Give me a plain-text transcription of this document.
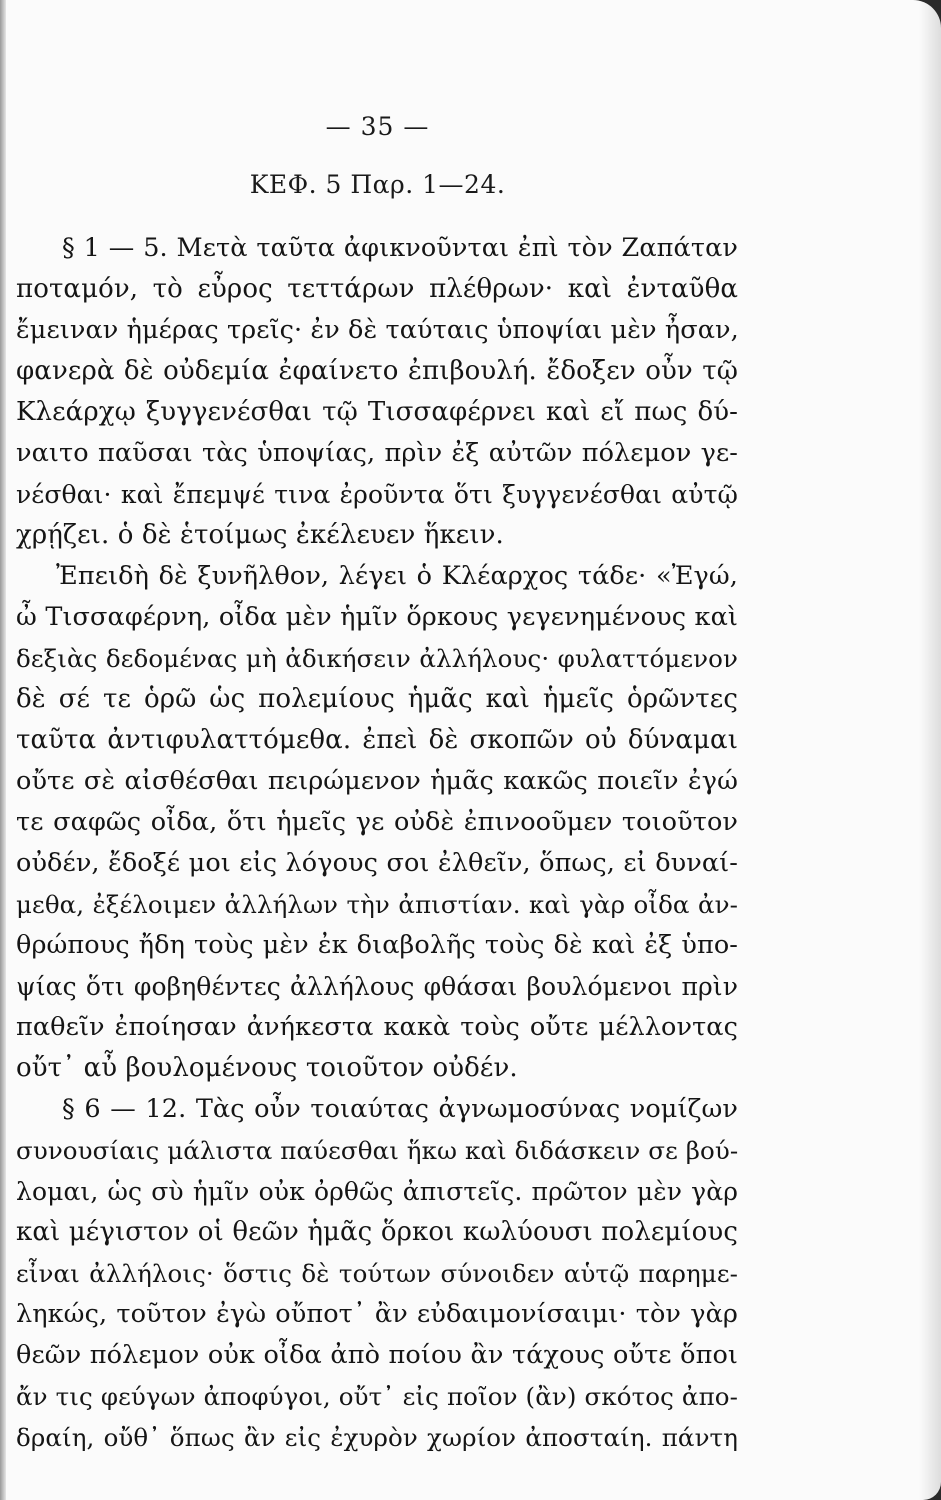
— 35 —
ΚΕΦ. 5 Παρ. 1—24.
§ 1 — 5. Μετὰ ταῦτα ἀφικνοῦνται ἐπὶ τὸν Ζαπάταν
ποταμόν, τὸ εὖρος τεττάρων πλέθρων· καὶ ἐνταῦθα
ἔμειναν ἡμέρας τρεῖς· ἐν δὲ ταύταις ὑποψίαι μὲν ἦσαν,
φανερὰ δὲ οὐδεμία ἐφαίνετο ἐπιβουλή. ἔδοξεν οὖν τῷ
Κλεάρχῳ ξυγγενέσθαι τῷ Τισσαφέρνει καὶ εἴ πως δύ-
ναιτο παῦσαι τὰς ὑποψίας, πρὶν ἐξ αὐτῶν πόλεμον γε-
νέσθαι· καὶ ἔπεμψέ τινα ἐροῦντα ὅτι ξυγγενέσθαι αὐτῷ
χρῄζει. ὁ δὲ ἑτοίμως ἐκέλευεν ἥκειν.
Ἐπειδὴ δὲ ξυνῆλθον, λέγει ὁ Κλέαρχος τάδε· «Ἐγώ,
ὦ Τισσαφέρνη, οἶδα μὲν ἡμῖν ὅρκους γεγενημένους καὶ
δεξιὰς δεδομένας μὴ ἀδικήσειν ἀλλήλους· φυλαττόμενον
δὲ σέ τε ὁρῶ ὡς πολεμίους ἡμᾶς καὶ ἡμεῖς ὁρῶντες
ταῦτα ἀντιφυλαττόμεθα. ἐπεὶ δὲ σκοπῶν οὐ δύναμαι
οὔτε σὲ αἰσθέσθαι πειρώμενον ἡμᾶς κακῶς ποιεῖν ἐγώ
τε σαφῶς οἶδα, ὅτι ἡμεῖς γε οὐδὲ ἐπινοοῦμεν τοιοῦτον
οὐδέν, ἔδοξέ μοι εἰς λόγους σοι ἐλθεῖν, ὅπως, εἰ δυναί-
μεθα, ἐξέλοιμεν ἀλλήλων τὴν ἀπιστίαν. καὶ γὰρ οἶδα ἀν-
θρώπους ἤδη τοὺς μὲν ἐκ διαβολῆς τοὺς δὲ καὶ ἐξ ὑπο-
ψίας ὅτι φοβηθέντες ἀλλήλους φθάσαι βουλόμενοι πρὶν
παθεῖν ἐποίησαν ἀνήκεστα κακὰ τοὺς οὔτε μέλλοντας
οὔτ᾽ αὖ βουλομένους τοιοῦτον οὐδέν.
§ 6 — 12. Τὰς οὖν τοιαύτας ἀγνωμοσύνας νομίζων
συνουσίαις μάλιστα παύεσθαι ἥκω καὶ διδάσκειν σε βού-
λομαι, ὡς σὺ ἡμῖν οὐκ ὀρθῶς ἀπιστεῖς. πρῶτον μὲν γὰρ
καὶ μέγιστον οἱ θεῶν ἡμᾶς ὅρκοι κωλύουσι πολεμίους
εἶναι ἀλλήλοις· ὅστις δὲ τούτων σύνοιδεν αὑτῷ παρημε-
ληκώς, τοῦτον ἐγὼ οὔποτ᾽ ἂν εὐδαιμονίσαιμι· τὸν γὰρ
θεῶν πόλεμον οὐκ οἶδα ἀπὸ ποίου ἂν τάχους οὔτε ὅποι
ἄν τις φεύγων ἀποφύγοι, οὔτ᾽ εἰς ποῖον (ἂν) σκότος ἀπο-
δραίη, οὔθ᾽ ὅπως ἂν εἰς ἐχυρὸν χωρίον ἀποσταίη. πάντη
